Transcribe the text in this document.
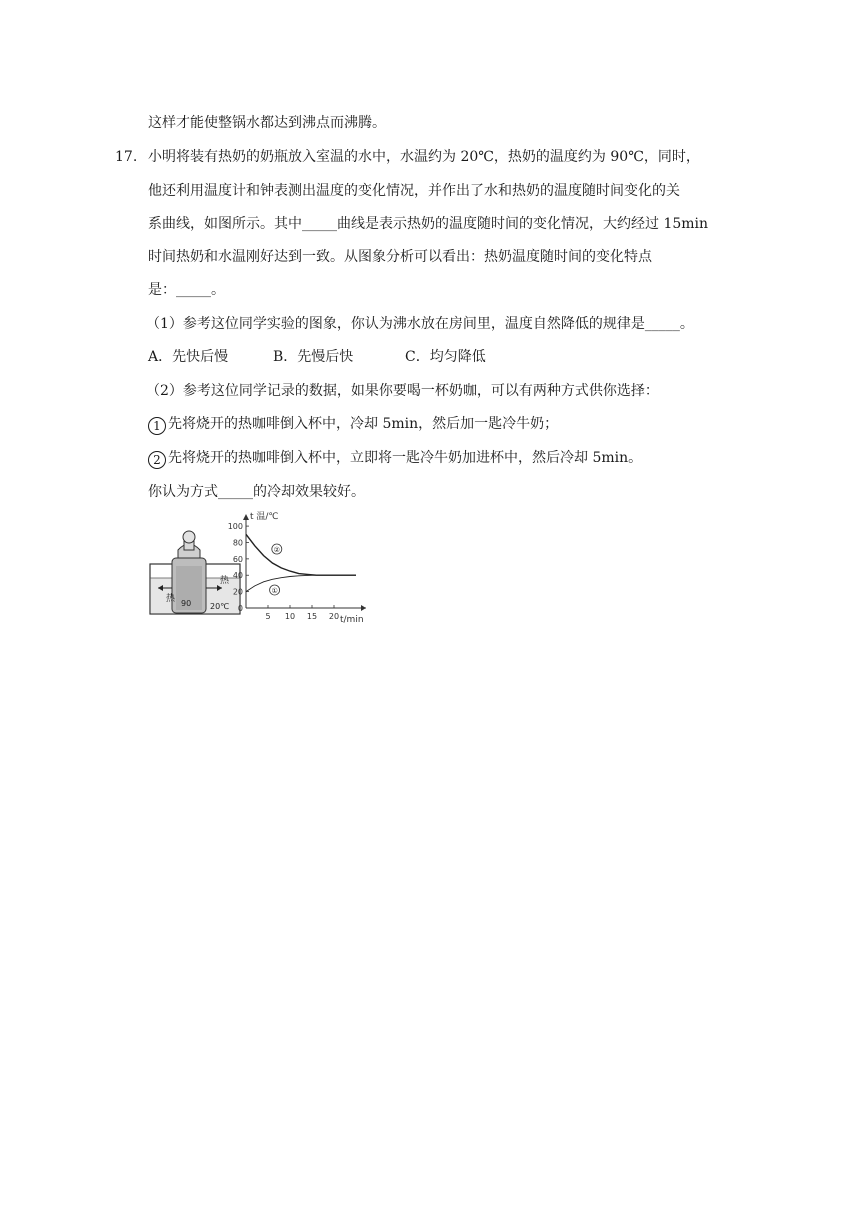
这样才能使整锅水都达到沸点而沸腾。
17. 小明将装有热奶的奶瓶放入室温的水中，水温约为 20℃，热奶的温度约为 90℃，同时，
他还利用温度计和钟表测出温度的变化情况，并作出了水和热奶的温度随时间变化的关
系曲线，如图所示。其中_____曲线是表示热奶的温度随时间的变化情况，大约经过 15min
时间热奶和水温刚好达到一致。从图象分析可以看出：热奶温度随时间的变化特点
是：_____。
（1）参考这位同学实验的图象，你认为沸水放在房间里，温度自然降低的规律是_____。
A．先快后慢	B．先慢后快	C．均匀降低
（2）参考这位同学记录的数据，如果你要喝一杯奶咖，可以有两种方式供你选择：
1 先将烧开的热咖啡倒入杯中，冷却 5min，然后加一匙冷牛奶；
2 先将烧开的热咖啡倒入杯中，立即将一匙冷牛奶加进杯中，然后冷却 5min。
你认为方式_____的冷却效果较好。
热
热
90 20℃
t 温/℃
t/min
100
80
60
40
20
0
5 10 15 20
②
①
